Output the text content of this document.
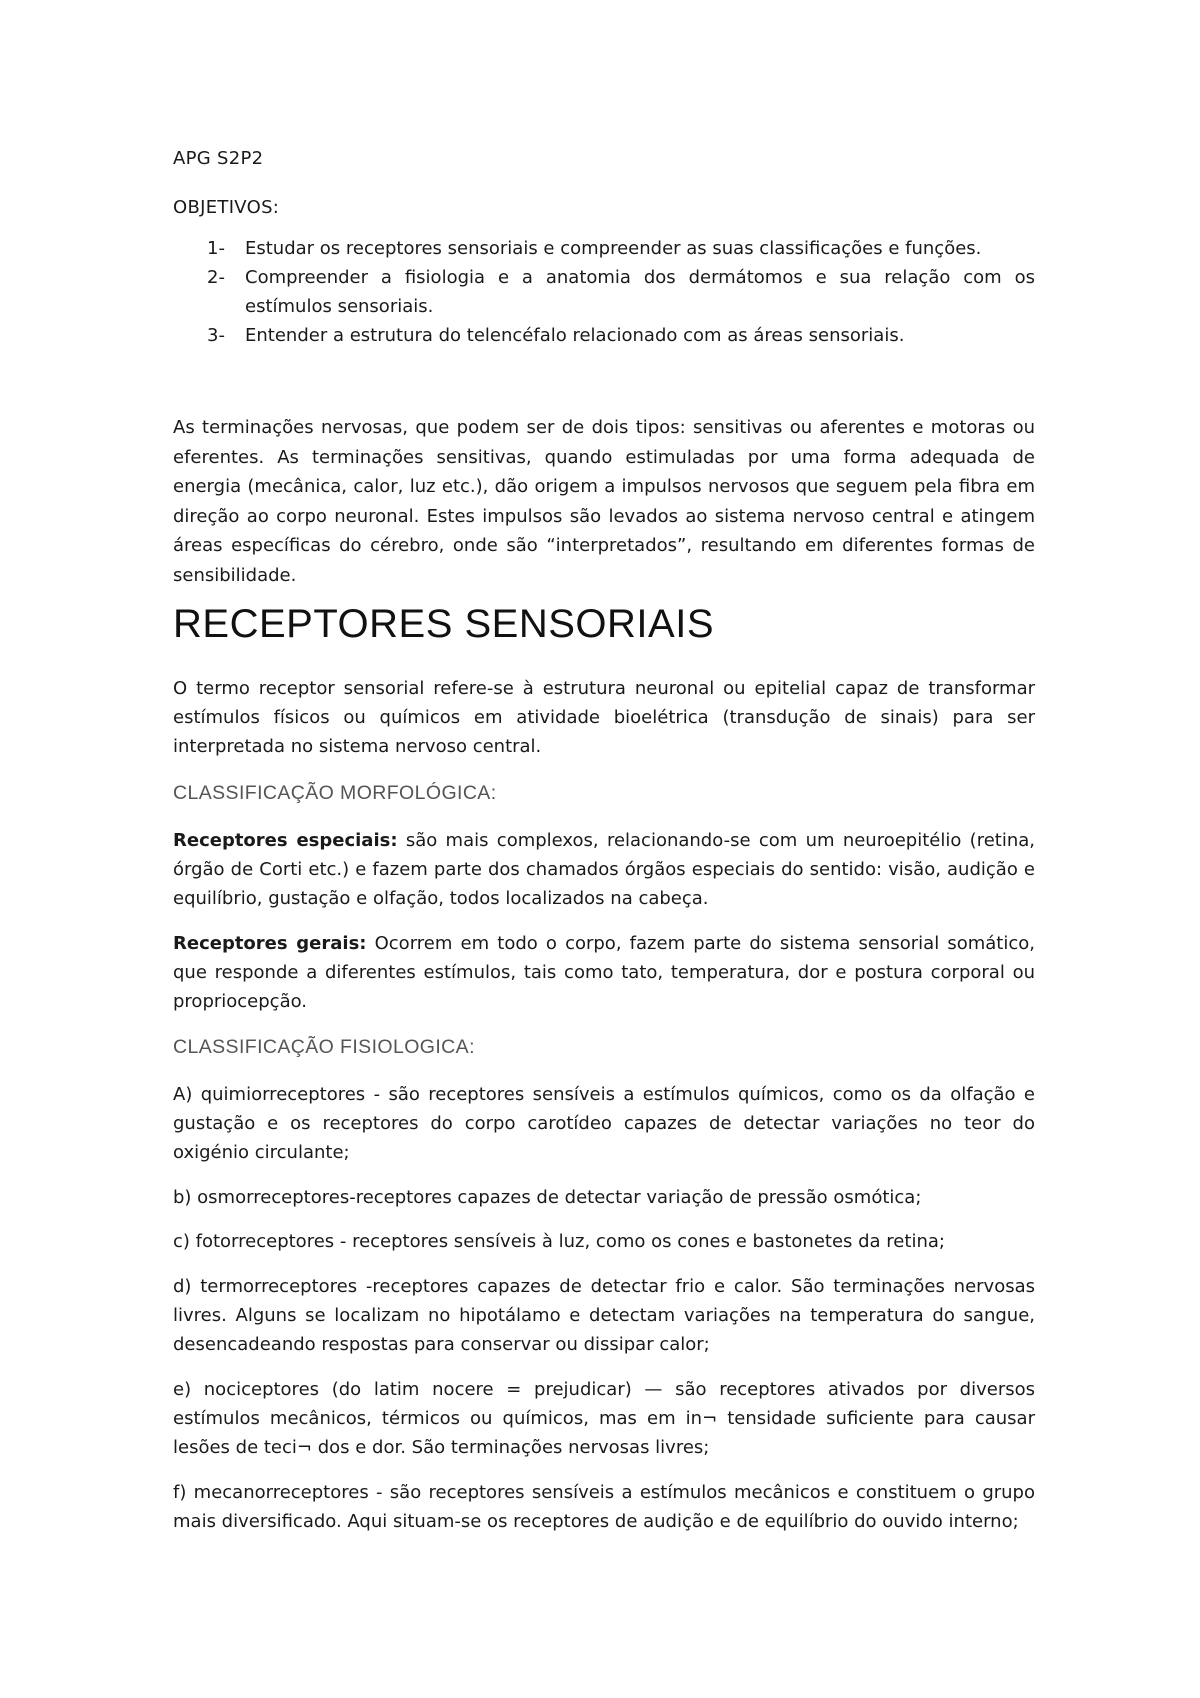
APG S2P2
OBJETIVOS:
1- Estudar os receptores sensoriais e compreender as suas classificações e funções.
2- Compreender a fisiologia e a anatomia dos dermátomos e sua relação com os estímulos sensoriais.
3- Entender a estrutura do telencéfalo relacionado com as áreas sensoriais.

As terminações nervosas, que podem ser de dois tipos: sensitivas ou aferentes e motoras ou eferentes. As terminações sensitivas, quando estimuladas por uma forma adequada de energia (mecânica, calor, luz etc.), dão origem a impulsos nervosos que seguem pela fibra em direção ao corpo neuronal. Estes impulsos são levados ao sistema nervoso central e atingem áreas específicas do cérebro, onde são “interpretados”, resultando em diferentes formas de sensibilidade.

RECEPTORES SENSORIAIS

O termo receptor sensorial refere-se à estrutura neuronal ou epitelial capaz de transformar estímulos físicos ou químicos em atividade bioelétrica (transdução de sinais) para ser interpretada no sistema nervoso central.

CLASSIFICAÇÃO MORFOLÓGICA:

Receptores especiais: são mais complexos, relacionando-se com um neuroepitélio (retina, órgão de Corti etc.) e fazem parte dos chamados órgãos especiais do sentido: visão, audição e equilíbrio, gustação e olfação, todos localizados na cabeça.

Receptores gerais: Ocorrem em todo o corpo, fazem parte do sistema sensorial somático, que responde a diferentes estímulos, tais como tato, temperatura, dor e postura corporal ou propriocepção.

CLASSIFICAÇÃO FISIOLOGICA:

A) quimiorreceptores - são receptores sensíveis a estímulos químicos, como os da olfação e gustação e os receptores do corpo carotídeo capazes de detectar variações no teor do oxigénio circulante;

b) osmorreceptores-receptores capazes de detectar variação de pressão osmótica;

c) fotorreceptores - receptores sensíveis à luz, como os cones e bastonetes da retina;

d) termorreceptores -receptores capazes de detectar frio e calor. São terminações nervosas livres. Alguns se localizam no hipotálamo e detectam variações na temperatura do sangue, desencadeando respostas para conservar ou dissipar calor;

e) nociceptores (do latim nocere = prejudicar) — são receptores ativados por diversos estímulos mecânicos, térmicos ou químicos, mas em in¬ tensidade suficiente para causar lesões de teci¬ dos e dor. São terminações nervosas livres;

f) mecanorreceptores - são receptores sensíveis a estímulos mecânicos e constituem o grupo mais diversificado. Aqui situam-se os receptores de audição e de equilíbrio do ouvido interno;
